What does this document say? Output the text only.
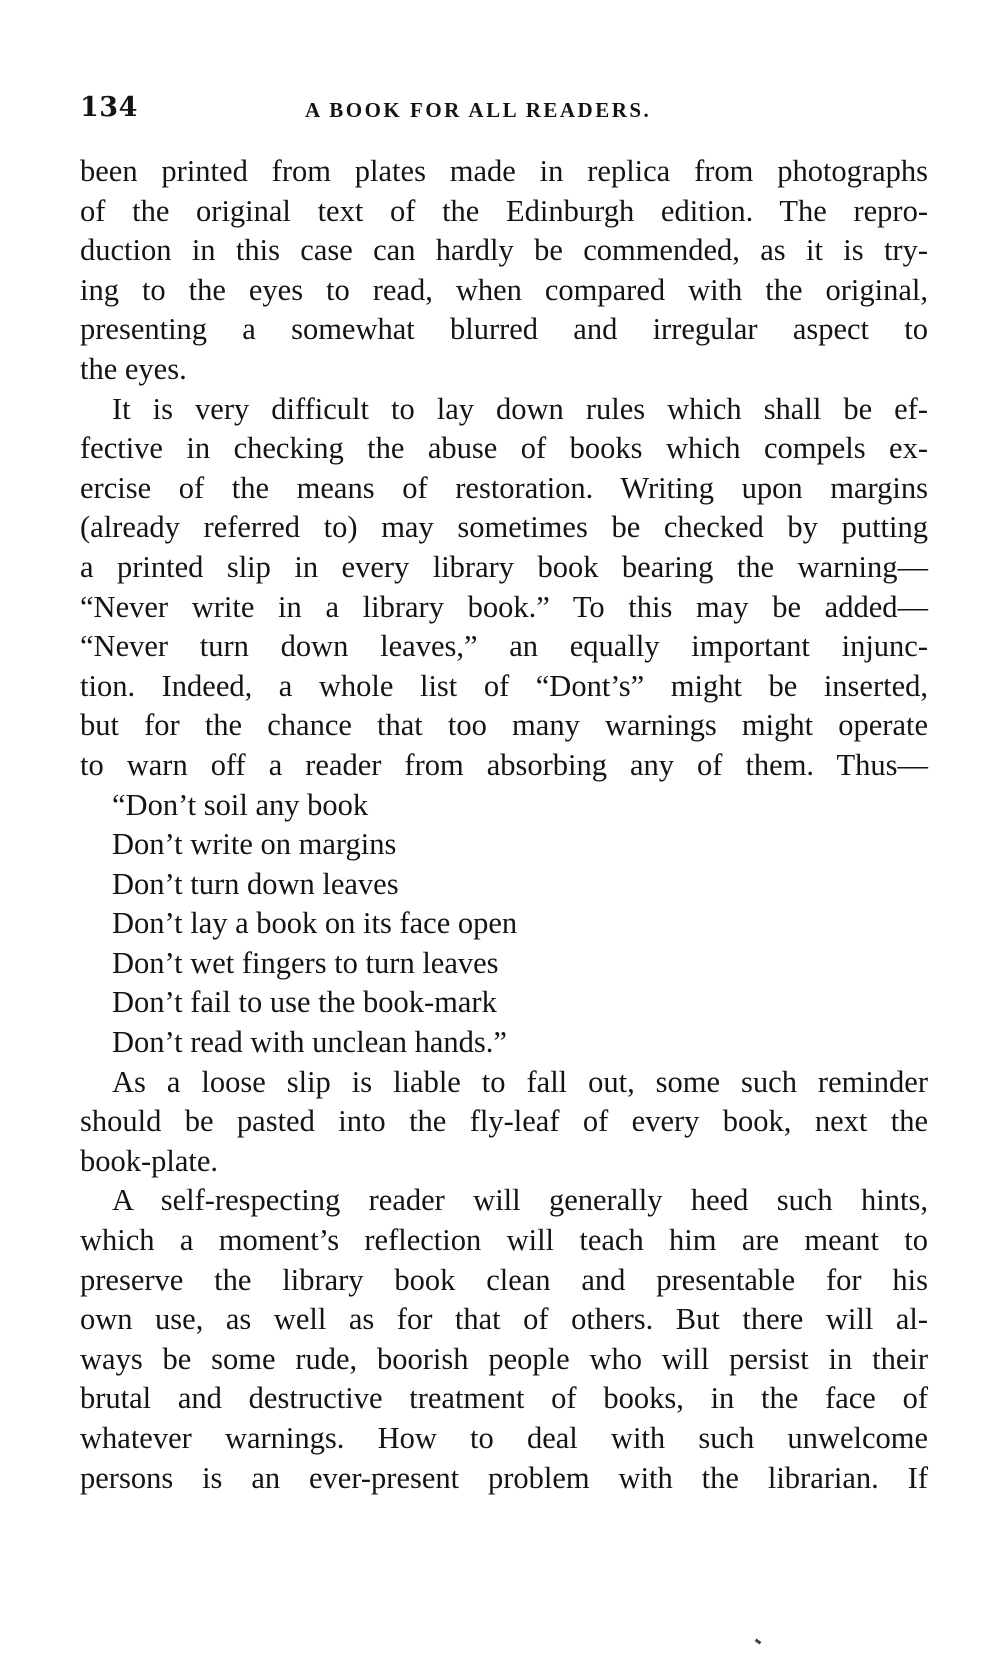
134	A BOOK FOR ALL READERS.
been printed from plates made in replica from photographs
of the original text of the Edinburgh edition. The repro-
duction in this case can hardly be commended, as it is try-
ing to the eyes to read, when compared with the original,
presenting a somewhat blurred and irregular aspect to
the eyes.
It is very difficult to lay down rules which shall be ef-
fective in checking the abuse of books which compels ex-
ercise of the means of restoration. Writing upon margins
(already referred to) may sometimes be checked by putting
a printed slip in every library book bearing the warning—
“Never write in a library book.” To this may be added—
“Never turn down leaves,” an equally important injunc-
tion. Indeed, a whole list of “Dont’s” might be inserted,
but for the chance that too many warnings might operate
to warn off a reader from absorbing any of them. Thus—
“Don’t soil any book
Don’t write on margins
Don’t turn down leaves
Don’t lay a book on its face open
Don’t wet fingers to turn leaves
Don’t fail to use the book-mark
Don’t read with unclean hands.”
As a loose slip is liable to fall out, some such reminder
should be pasted into the fly-leaf of every book, next the
book-plate.
A self-respecting reader will generally heed such hints,
which a moment’s reflection will teach him are meant to
preserve the library book clean and presentable for his
own use, as well as for that of others. But there will al-
ways be some rude, boorish people who will persist in their
brutal and destructive treatment of books, in the face of
whatever warnings. How to deal with such unwelcome
persons is an ever-present problem with the librarian. If
